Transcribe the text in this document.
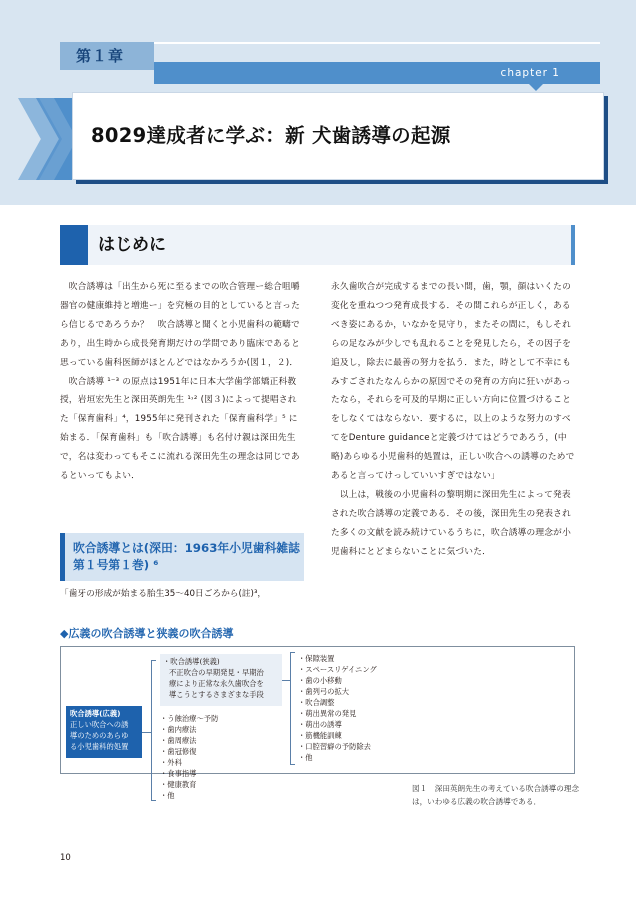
第１章
chapter 1
8029達成者に学ぶ：新 犬歯誘導の起源
はじめに

吹合誘導は「出生から死に至るまでの吹合管理ー総合咀嚼器官の健康維持と増進ー」を究極の目的としていると言ったら信じるであろうか？　吹合誘導と聞くと小児歯科の範疇であり，出生時から成長発育期だけの学問であり臨床であると思っている歯科医師がほとんどではなかろうか(図１，２)．

吹合誘導 ¹⁻³ の原点は1951年に日本大学歯学部矯正科教授，岩垣宏先生と深田英朗先生 ¹˒² (図３)によって提唱された「保育歯科」⁴，1955年に発刊された「保育歯科学」⁵ に始まる．「保育歯科」も「吹合誘導」も名付け親は深田先生で，名は変わってもそこに流れる深田先生の理念は同じであるといってもよい．

吹合誘導とは(深田：1963年小児歯科雑誌第１号第１巻) ⁶
「歯牙の形成が始まる胎生35〜40日ごろから(註)³，

永久歯吹合が完成するまでの長い間，歯，顎，顔はいくたの変化を重ねつつ発育成長する．その間これらが正しく，あるべき姿にあるか，いなかを見守り，またその間に，もしそれらの足なみが少しでも乱れることを発見したら，その因子を追及し，除去に最善の努力を払う．また，時として不幸にもみすごされたなんらかの原因でその発育の方向に狂いがあったなら，それらを可及的早期に正しい方向に位置づけることをしなくてはならない．要するに，以上のような努力のすべてをDenture guidanceと定義づけてはどうであろう，(中略)あらゆる小児歯科的処置は，正しい吹合への誘導のためであると言ってけっしていいすぎではない」

以上は，戦後の小児歯科の黎明期に深田先生によって発表された吹合誘導の定義である．その後，深田先生の発表された多くの文献を読み続けているうちに，吹合誘導の理念が小児歯科にとどまらないことに気づいた．

◆広義の吹合誘導と狭義の吹合誘導
吹合誘導(広義)
正しい吹合への誘
導のためのあらゆ
る小児歯科的処置
・吹合誘導(狭義)
不正吹合の早期発見・早期治
療により正常な永久歯吹合を
導こうとするさまざまな手段
・う蝕治療〜予防
・歯内療法
・歯周療法
・歯冠修復
・外科
・食事指導
・健康教育
・他
・保隙装置
・スペースリゲイニング
・歯の小移動
・歯列弓の拡大
・吹合調整
・萌出異常の発見
・萌出の誘導
・筋機能訓練
・口腔習癖の予防除去
・他
図１　深田英朗先生の考えている吹合誘導の理念は，いわゆる広義の吹合誘導である．
10
